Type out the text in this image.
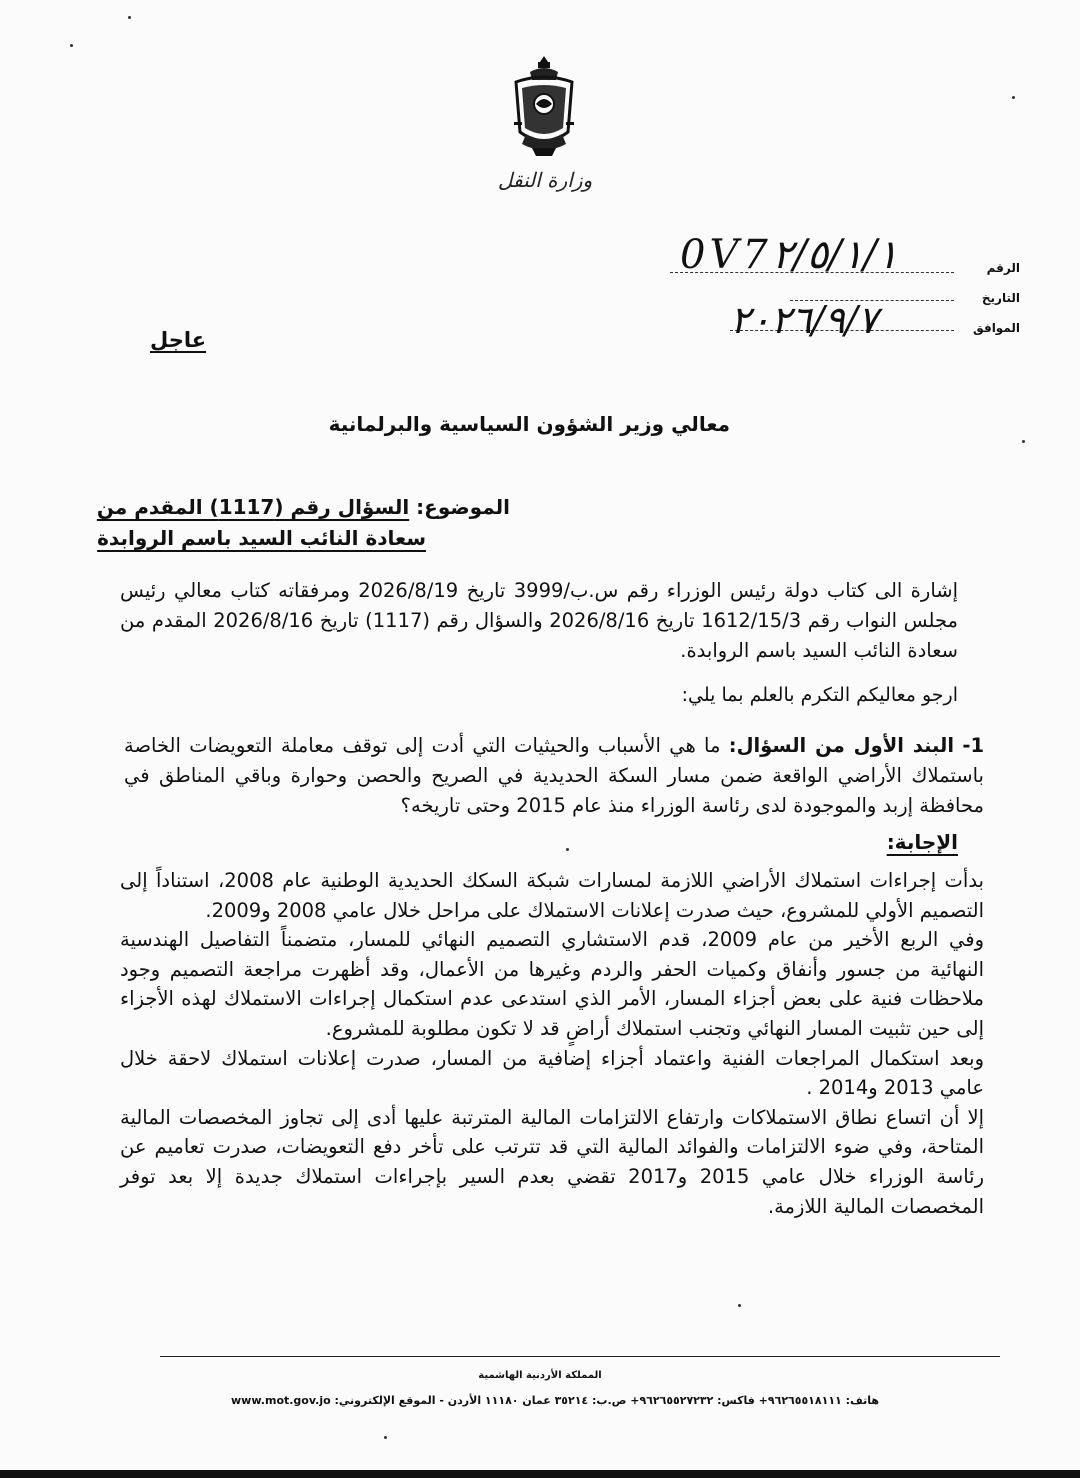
وزارة النقل
الرقم
التاريخ
الموافق
0V7٢/٥/١/١
٢٠٢٦/٩/٧
عاجل
معالي وزير الشؤون السياسية والبرلمانية
الموضوع: السؤال رقم (1117) المقدم من
سعادة النائب السيد باسم الروابدة
إشارة الى كتاب دولة رئيس الوزراء رقم س.ب/3999 تاريخ 2026/8/19 ومرفقاته كتاب معالي رئيس مجلس النواب رقم 1612/15/3 تاريخ 2026/8/16 والسؤال رقم (1117) تاريخ 2026/8/16 المقدم من سعادة النائب السيد باسم الروابدة.
ارجو معاليكم التكرم بالعلم بما يلي:
1- البند الأول من السؤال: ما هي الأسباب والحيثيات التي أدت إلى توقف معاملة التعويضات الخاصة باستملاك الأراضي الواقعة ضمن مسار السكة الحديدية في الصريح والحصن وحوارة وباقي المناطق في محافظة إربد والموجودة لدى رئاسة الوزراء منذ عام 2015 وحتى تاريخه؟
الإجابة:
بدأت إجراءات استملاك الأراضي اللازمة لمسارات شبكة السكك الحديدية الوطنية عام 2008، استناداً إلى التصميم الأولي للمشروع، حيث صدرت إعلانات الاستملاك على مراحل خلال عامي 2008 و2009.
وفي الربع الأخير من عام 2009، قدم الاستشاري التصميم النهائي للمسار، متضمناً التفاصيل الهندسية النهائية من جسور وأنفاق وكميات الحفر والردم وغيرها من الأعمال، وقد أظهرت مراجعة التصميم وجود ملاحظات فنية على بعض أجزاء المسار، الأمر الذي استدعى عدم استكمال إجراءات الاستملاك لهذه الأجزاء إلى حين تثبيت المسار النهائي وتجنب استملاك أراضٍ قد لا تكون مطلوبة للمشروع.
وبعد استكمال المراجعات الفنية واعتماد أجزاء إضافية من المسار، صدرت إعلانات استملاك لاحقة خلال عامي 2013 و2014 .
إلا أن اتساع نطاق الاستملاكات وارتفاع الالتزامات المالية المترتبة عليها أدى إلى تجاوز المخصصات المالية المتاحة، وفي ضوء الالتزامات والفوائد المالية التي قد تترتب على تأخر دفع التعويضات، صدرت تعاميم عن رئاسة الوزراء خلال عامي 2015 و2017 تقضي بعدم السير بإجراءات استملاك جديدة إلا بعد توفر المخصصات المالية اللازمة.
المملكة الأردنية الهاشمية
هاتف: ٩٦٢٦٥٥١٨١١١+ فاكس: ٩٦٢٦٥٥٢٧٢٣٢+ ص.ب: ٣٥٢١٤ عمان ١١١٨٠ الأردن - الموقع الإلكتروني: www.mot.gov.jo
